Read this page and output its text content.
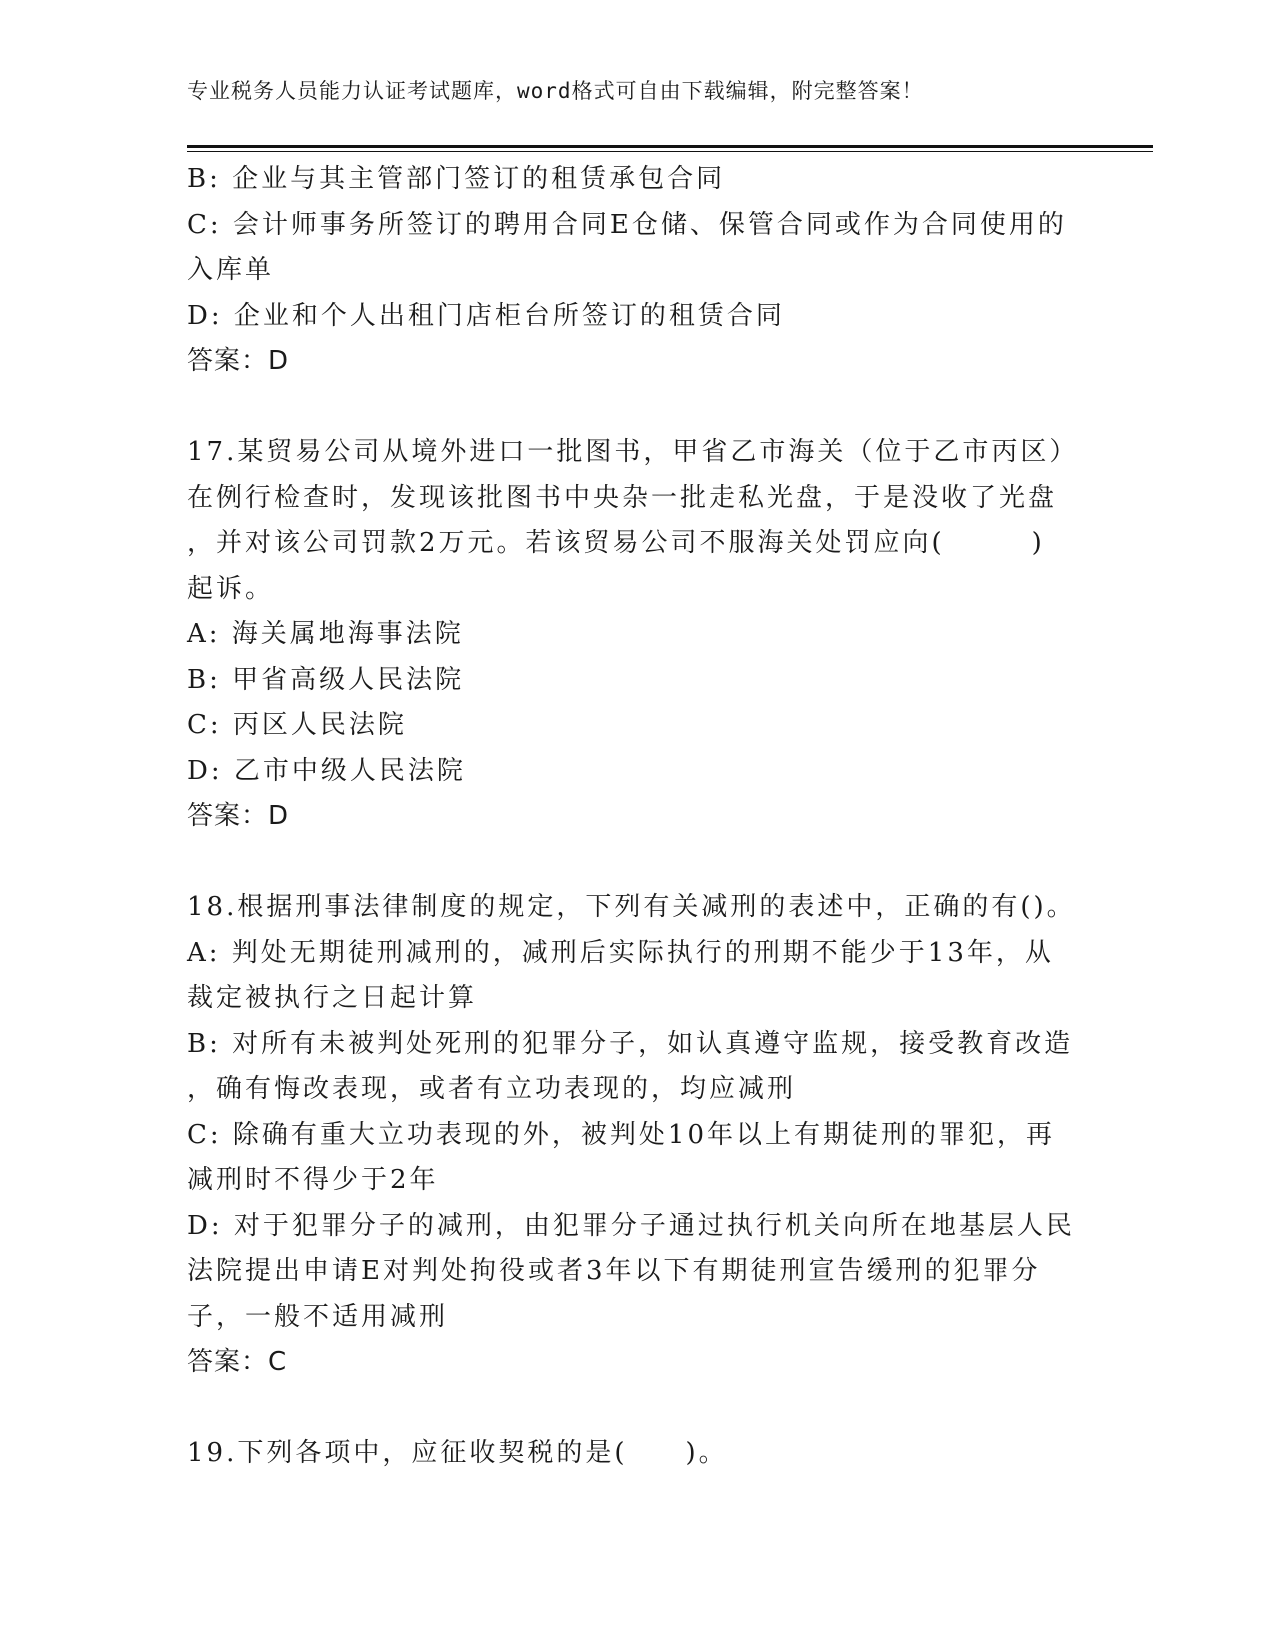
专业税务人员能力认证考试题库，word格式可自由下载编辑，附完整答案！
B: 企业与其主管部门签订的租赁承包合同
C: 会计师事务所签订的聘用合同E仓储、保管合同或作为合同使用的
入库单
D: 企业和个人出租门店柜台所签订的租赁合同
答案：D
17.某贸易公司从境外进口一批图书，甲省乙市海关（位于乙市丙区）
在例行检查时，发现该批图书中央杂一批走私光盘，于是没收了光盘
，并对该公司罚款2万元。若该贸易公司不服海关处罚应向(　　　)
起诉。
A: 海关属地海事法院
B: 甲省高级人民法院
C: 丙区人民法院
D: 乙市中级人民法院
答案：D
18.根据刑事法律制度的规定，下列有关减刑的表述中，正确的有()。
A: 判处无期徒刑减刑的，减刑后实际执行的刑期不能少于13年，从
裁定被执行之日起计算
B: 对所有未被判处死刑的犯罪分子，如认真遵守监规，接受教育改造
，确有悔改表现，或者有立功表现的，均应减刑
C: 除确有重大立功表现的外，被判处10年以上有期徒刑的罪犯，再
减刑时不得少于2年
D: 对于犯罪分子的减刑，由犯罪分子通过执行机关向所在地基层人民
法院提出申请E对判处拘役或者3年以下有期徒刑宣告缓刑的犯罪分
子，一般不适用减刑
答案：C
19.下列各项中，应征收契税的是(　　)。
